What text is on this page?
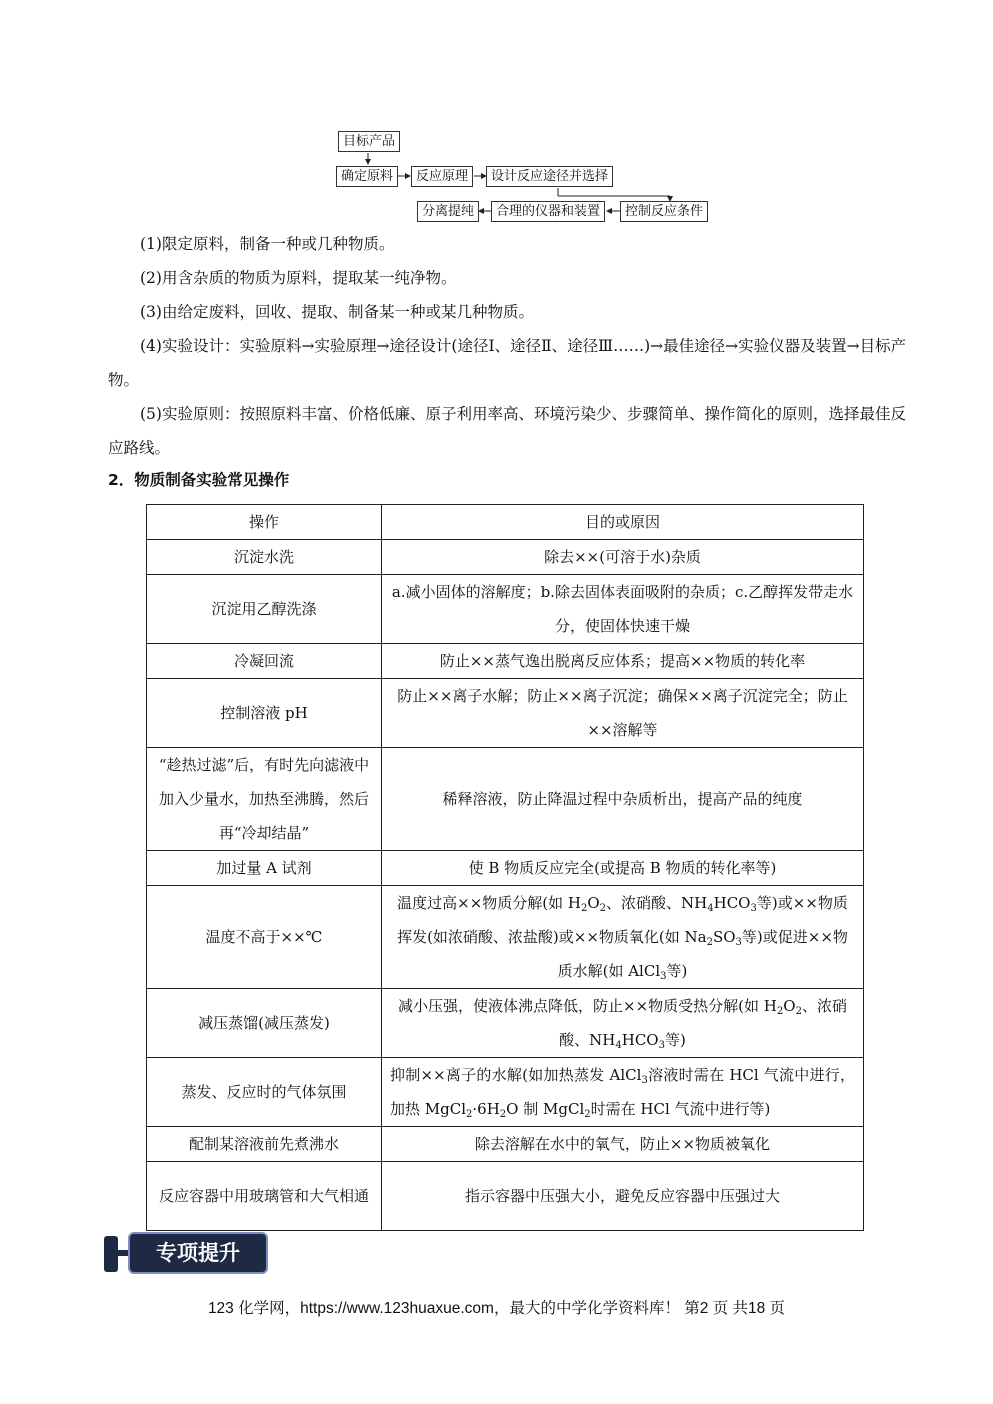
目标产品
确定原料	反应原理	设计反应途径并选择
分离提纯	合理的仪器和装置	控制反应条件

(1)限定原料，制备一种或几种物质。

(2)用含杂质的物质为原料，提取某一纯净物。

(3)由给定废料，回收、提取、制备某一种或某几种物质。

(4)实验设计：实验原料→实验原理→途径设计(途径Ⅰ、途径Ⅱ、途径Ⅲ……)→最佳途径→实验仪器及装置→目标产物。

(5)实验原则：按照原料丰富、价格低廉、原子利用率高、环境污染少、步骤简单、操作简化的原则，选择最佳反应路线。

2．物质制备实验常见操作
操作	目的或原因
沉淀水洗	除去××(可溶于水)杂质
沉淀用乙醇洗涤	a.减小固体的溶解度；b.除去固体表面吸附的杂质；c.乙醇挥发带走水分，使固体快速干燥
冷凝回流	防止××蒸气逸出脱离反应体系；提高××物质的转化率
控制溶液 pH	防止××离子水解；防止××离子沉淀；确保××离子沉淀完全；防止××溶解等
“趁热过滤”后，有时先向滤液中加入少量水，加热至沸腾，然后再“冷却结晶”	稀释溶液，防止降温过程中杂质析出，提高产品的纯度
加过量 A 试剂	使 B 物质反应完全(或提高 B 物质的转化率等)
温度不高于××℃	温度过高××物质分解(如 $H_2O_2$、浓硝酸、$NH_4HCO_3$等)或××物质挥发(如浓硝酸、浓盐酸)或××物质氧化(如 $Na_2SO_3$等)或促进××物质水解(如 AlCl$_3$等)
减压蒸馏(减压蒸发)	减小压强，使液体沸点降低，防止××物质受热分解(如 $H_2O_2$、浓硝酸、$NH_4HCO_3$等)
蒸发、反应时的气体氛围	抑制××离子的水解(如加热蒸发 AlCl$_3$溶液时需在 HCl 气流中进行，加热 $MgCl_2\cdot 6H_2O$ 制 MgCl$_2$时需在 HCl 气流中进行等)
配制某溶液前先煮沸水	除去溶解在水中的氧气，防止××物质被氧化
反应容器中用玻璃管和大气相通	指示容器中压强大小，避免反应容器中压强过大
专项提升
123 化学网，https://www.123huaxue.com，最大的中学化学资料库！ 第2 页 共18 页
